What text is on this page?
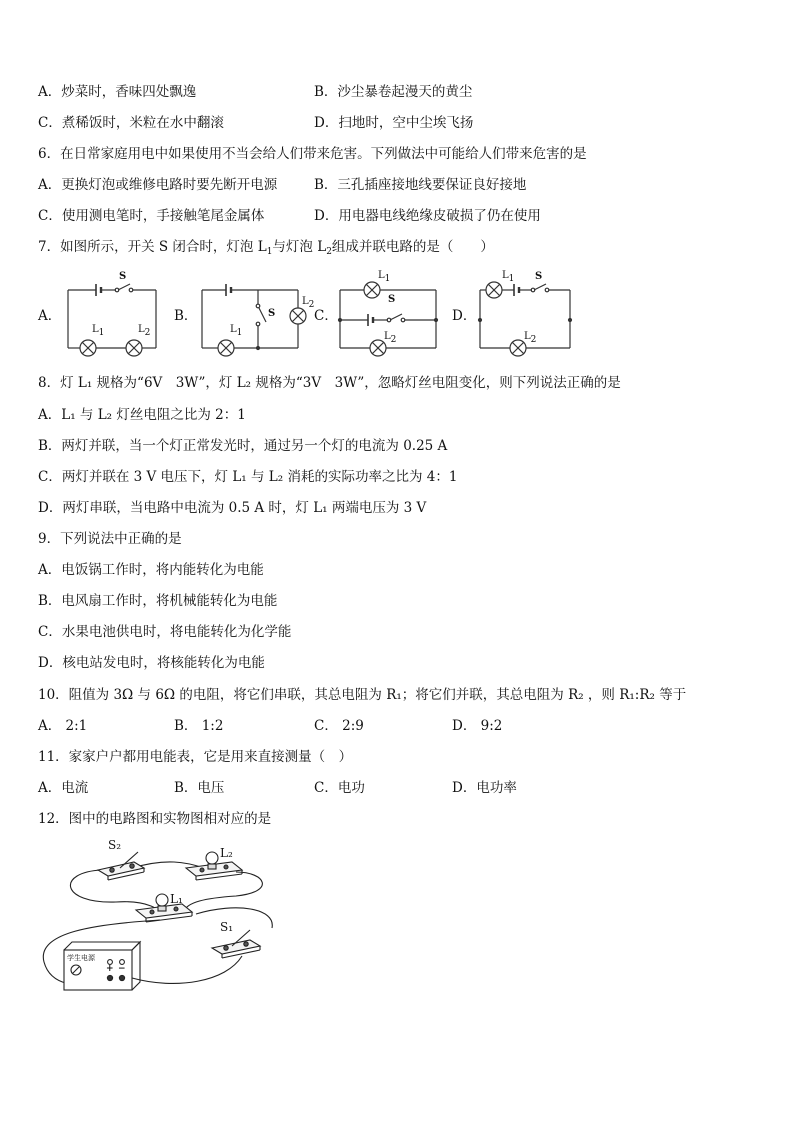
A．炒菜时，香味四处飘逸	B．沙尘暴卷起漫天的黄尘
C．煮稀饭时，米粒在水中翻滚	D．扫地时，空中尘埃飞扬
6．在日常家庭用电中如果使用不当会给人们带来危害。下列做法中可能给人们带来危害的是
A．更换灯泡或维修电路时要先断开电源	B．三孔插座接地线要保证良好接地
C．使用测电笔时，手接触笔尾金属体	D．用电器电线绝缘皮破损了仍在使用
7．如图所示，开关 S 闭合时，灯泡 $L_1$与灯泡 $L_2$组成并联电路的是（　　）
A．	B．	C．	D．
S
L1	L2
S
L2
L1
L1
S
L2
L1 S
L2
8．灯 L₁ 规格为“6V　3W”，灯 L₂ 规格为“3V　3W”，忽略灯丝电阻变化，则下列说法正确的是
A．L₁ 与 L₂ 灯丝电阻之比为 2：1
B．两灯并联，当一个灯正常发光时，通过另一个灯的电流为 0.25 A
C．两灯并联在 3 V 电压下，灯 L₁ 与 L₂ 消耗的实际功率之比为 4：1
D．两灯串联，当电路中电流为 0.5 A 时，灯 L₁ 两端电压为 3 V
9．下列说法中正确的是
A．电饭锅工作时，将内能转化为电能
B．电风扇工作时，将机械能转化为电能
C．水果电池供电时，将电能转化为化学能
D．核电站发电时，将核能转化为电能
10．阻值为 3Ω 与 6Ω 的电阻，将它们串联，其总电阻为 R₁；将它们并联，其总电阻为 R₂ ，则 R₁:R₂ 等于
A． 2:1	B． 1:2	C． 2:9	D． 9:2
11．家家户户都用电能表，它是用来直接测量（　）
A．电流	B．电压	C．电功	D．电功率
12．图中的电路图和实物图相对应的是
S₂
L₂
L₁
S₁
学生电源
+ −
